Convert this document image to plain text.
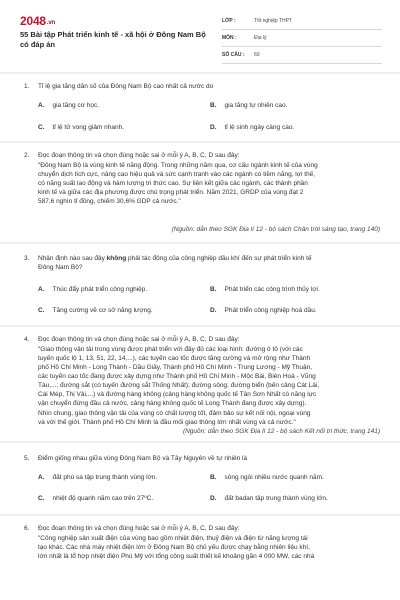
2048.vn
55 Bài tập Phát triển kinh tế - xã hội ở Đông Nam Bộ có đáp án
LỚP :	Tốt nghiệp THPT
MÔN :	Địa lý
SỐ CÂU :	60
1. Tỉ lệ gia tăng dân số của Đông Nam Bộ cao nhất cả nước do
A. gia tăng cơ học.	B. gia tăng tự nhiên cao.
C. tỉ lệ tử vong giảm nhanh.	D. tỉ lệ sinh ngày càng cao.
2. Đọc đoạn thông tin và chọn đúng hoặc sai ở mỗi ý A, B, C, D sau đây:
"Đông Nam Bộ là vùng kinh tế năng động. Trong những năm qua, cơ cấu ngành kinh tế của vùng
chuyển dịch tích cực, nâng cao hiệu quả và sức cạnh tranh vào các ngành có tiềm năng, lợi thế,
có năng suất lao động và hàm lượng tri thức cao. Sự liên kết giữa các ngành, các thành phần
kinh tế và giữa các địa phương được chú trọng phát triển. Năm 2021, GRDP của vùng đạt 2
587,6 nghìn tỉ đồng, chiếm 30,6% GDP cả nước."
(Nguồn: dẫn theo SGK Địa lí 12 - bộ sách Chân trời sáng tạo, trang 140)
3. Nhận định nào sau đây không phải tác động của công nghiệp dầu khí đến sự phát triển kinh tế
Đông Nam Bộ?
A. Thúc đẩy phát triển công nghiệp.	B. Phát triển các công trình thủy lợi.
C. Tăng cường về cơ sở năng lượng.	D. Phát triển công nghiệp hoá dầu.
4. Đọc đoạn thông tin và chọn đúng hoặc sai ở mỗi ý A, B, C, D sau đây:
"Giao thông vận tải trong vùng được phát triển với đầy đủ các loại hình: đường ô tô (với các
tuyến quốc lộ 1, 13, 51, 22, 14,...), các tuyến cao tốc được tăng cường và mở rộng như Thành
phố Hồ Chí Minh - Long Thành - Dầu Giây, Thành phố Hồ Chí Minh - Trung Lương - Mỹ Thuận,
các tuyến cao tốc đang được xây dựng như Thành phố Hồ Chí Minh - Mộc Bài, Biên Hoà - Vũng
Tàu,...; đường sắt (có tuyến đường sắt Thống Nhất); đường sông; đường biển (bến cảng Cát Lái,
Cái Mép, Thị Vải,...) và đường hàng không (cảng hàng không quốc tế Tân Sơn Nhất có năng lực
vận chuyển đứng đầu cả nước, cảng hàng không quốc tế Long Thành đang được xây dựng).
Nhìn chung, giao thông vận tải của vùng có chất lượng tốt, đảm bảo sự kết nối nội, ngoại vùng
và với thế giới. Thành phố Hồ Chí Minh là đầu mối giao thông lớn nhất vùng và cả nước."
(Nguồn: dẫn theo SGK Địa lí 12 - bộ sách Kết nối tri thức, trang 141)
5. Điểm giống nhau giữa vùng Đông Nam Bộ và Tây Nguyên về tự nhiên là
A. đất phù sa tập trung thành vùng lớn.	B. sông ngòi nhiều nước quanh năm.
C. nhiệt độ quanh năm cao trên 27ºC.	D. đất badan tập trung thành vùng lớn.
6. Đọc đoạn thông tin và chọn đúng hoặc sai ở mỗi ý A, B, C, D sau đây:
"Công nghiệp sản xuất điện của vùng bao gồm nhiệt điện, thuỷ điện và điện từ năng lượng tái
tạo khác. Các nhà máy nhiệt điện lớn ở Đông Nam Bộ chủ yếu được chạy bằng nhiên liệu khí,
lớn nhất là tổ hợp nhiệt điện Phú Mỹ với tổng công suất thiết kế khoảng gần 4 000 MW, các nhà
